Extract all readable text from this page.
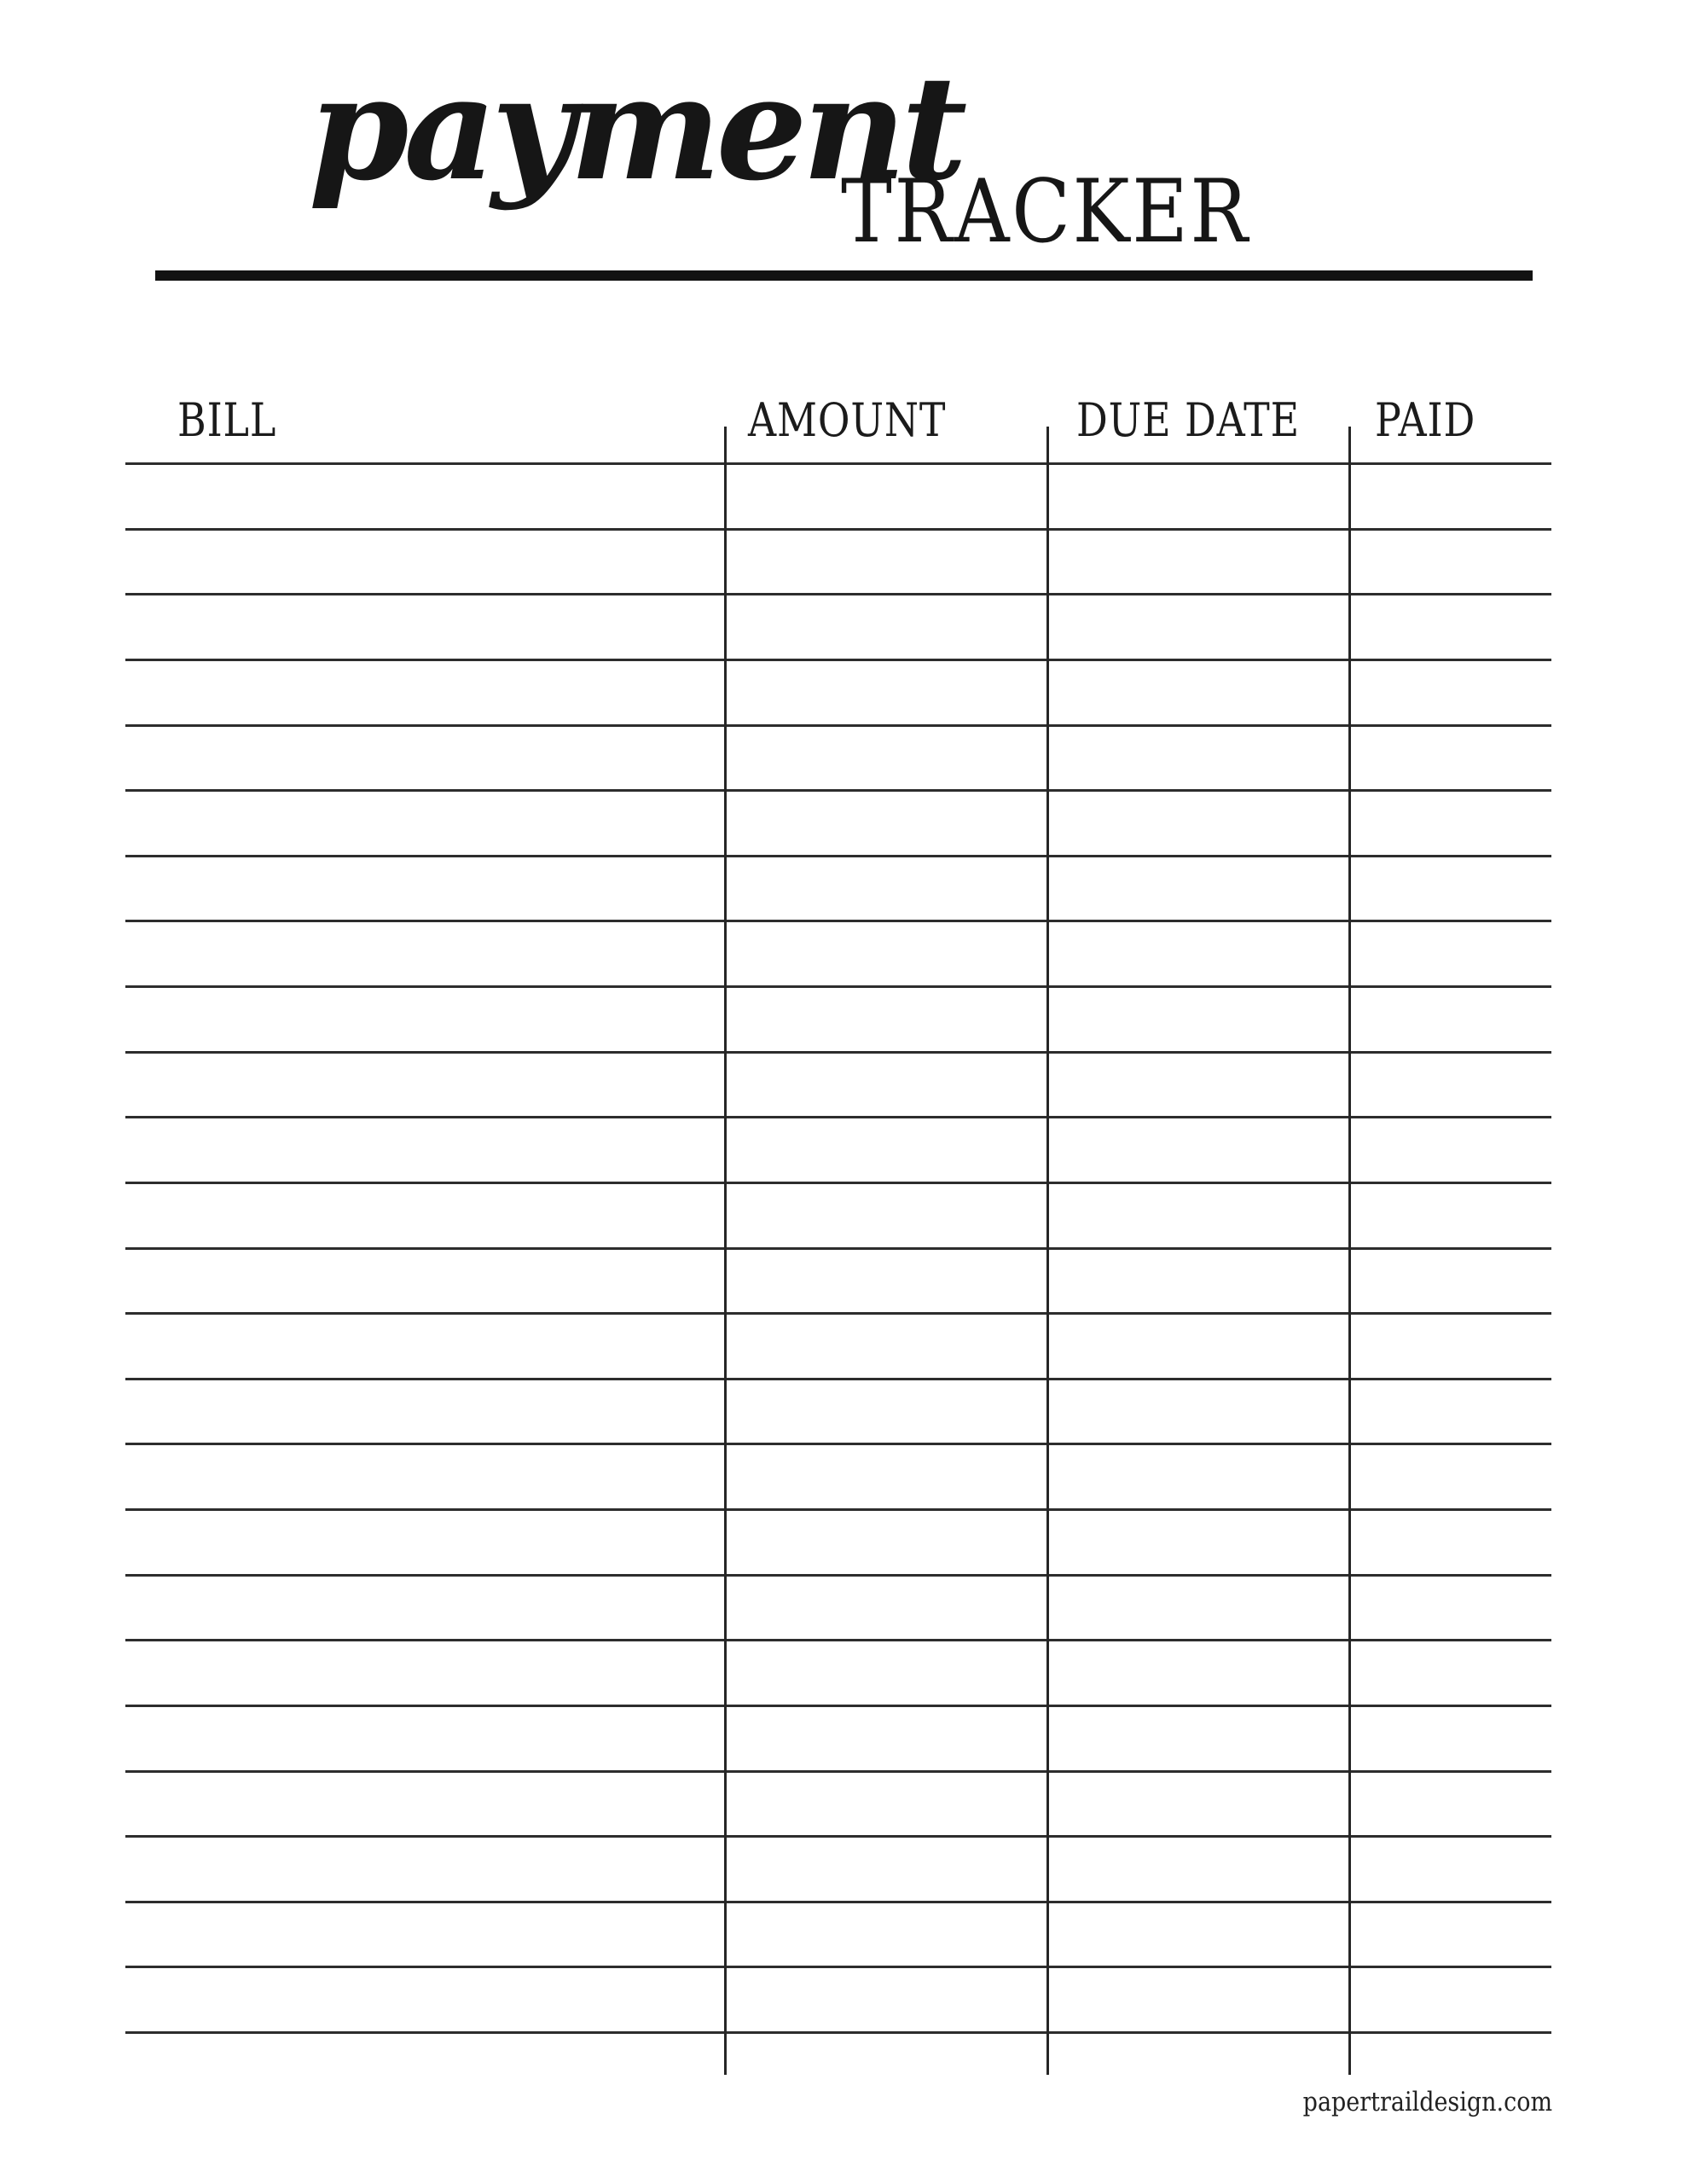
payment
TRACKER
BILL	AMOUNT	DUE DATE PAID
papertraildesign.com
